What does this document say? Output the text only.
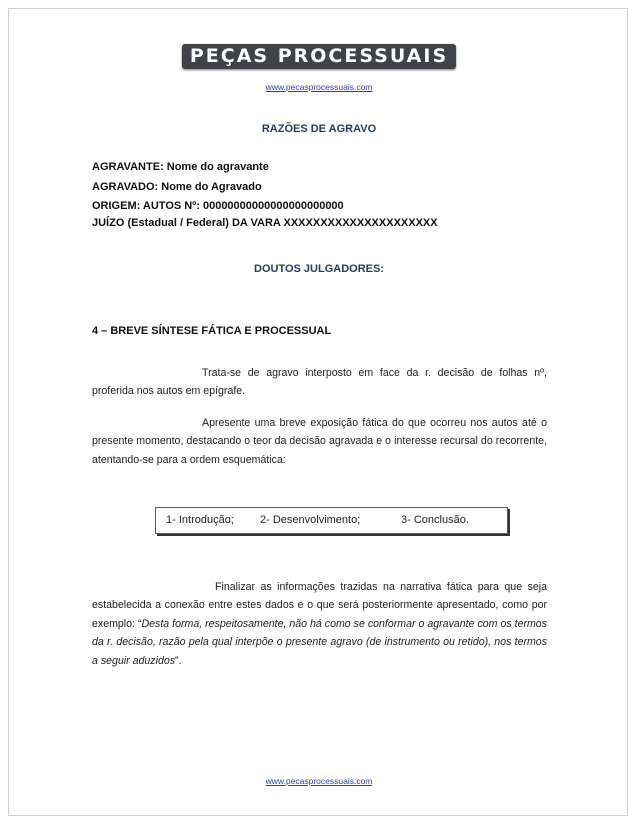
PEÇAS PROCESSUAIS
www.pecasprocessuais.com
RAZÕES DE AGRAVO
AGRAVANTE: Nome do agravante
AGRAVADO: Nome do Agravado
ORIGEM: AUTOS Nº: 00000000000000000000000
JUÍZO (Estadual / Federal) DA VARA XXXXXXXXXXXXXXXXXXXXX
DOUTOS JULGADORES:
4 – BREVE SÍNTESE FÁTICA E PROCESSUAL
Trata-se de agravo interposto em face da r. decisão de folhas nº, proferida nos autos em epígrafe.
Apresente uma breve exposição fática do que ocorreu nos autos até o presente momento, destacando o teor da decisão agravada e o interesse recursal do recorrente, atentando-se para a ordem esquemática:
1- Introdução; 2- Desenvolvimento;	3- Conclusão.
Finalizar as informações trazidas na narrativa fática para que seja estabelecida a conexão entre estes dados e o que será posteriormente apresentado, como por exemplo: “Desta forma, respeitosamente, não há como se conformar o agravante com os termos da r. decisão, razão pela qual interpõe o presente agravo (de instrumento ou retido), nos termos a seguir aduzidos”.
www.pecasprocessuais.com
